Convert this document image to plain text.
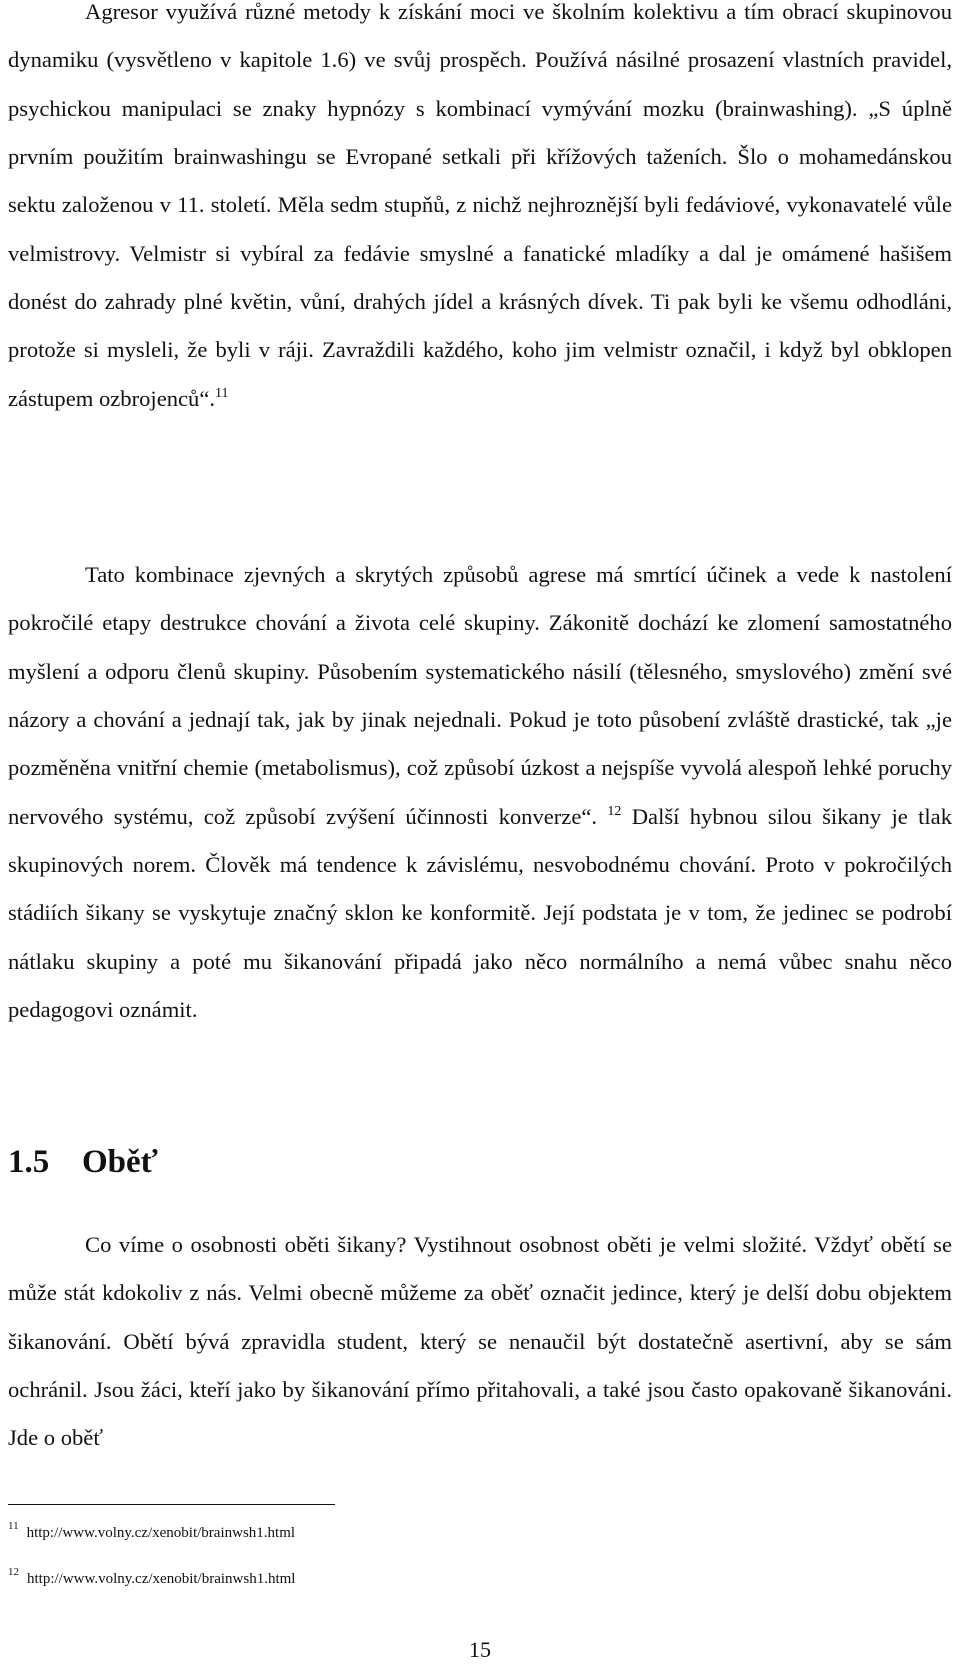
Agresor využívá různé metody k získání moci ve školním kolektivu a tím obrací skupinovou dynamiku (vysvětleno v kapitole 1.6) ve svůj prospěch. Používá násilné prosazení vlastních pravidel, psychickou manipulaci se znaky hypnózy s kombinací vymývání mozku (brainwashing). „S úplně prvním použitím brainwashingu se Evropané setkali při křížových taženích. Šlo o mohamedánskou sektu založenou v 11. století. Měla sedm stupňů, z nichž nejhroznější byli fedáviové, vykonavatelé vůle velmistrovy. Velmistr si vybíral za fedávie smyslné a fanatické mladíky a dal je omámené hašišem donést do zahrady plné květin, vůní, drahých jídel a krásných dívek. Ti pak byli ke všemu odhodláni, protože si mysleli, že byli v ráji. Zavraždili každého, koho jim velmistr označil, i když byl obklopen zástupem ozbrojenců“.$^{11}$

Tato kombinace zjevných a skrytých způsobů agrese má smrtící účinek a vede k nastolení pokročilé etapy destrukce chování a života celé skupiny. Zákonitě dochází ke zlomení samostatného myšlení a odporu členů skupiny. Působením systematického násilí (tělesného, smyslového) změní své názory a chování a jednají tak, jak by jinak nejednali. Pokud je toto působení zvláště drastické, tak „je pozměněna vnitřní chemie (metabolismus), což způsobí úzkost a nejspíše vyvolá alespoň lehké poruchy nervového systému, což způsobí zvýšení účinnosti konverze“. $^{12}$ Další hybnou silou šikany je tlak skupinových norem. Člověk má tendence k závislému, nesvobodnému chování. Proto v pokročilých stádiích šikany se vyskytuje značný sklon ke konformitě. Její podstata je v tom, že jedinec se podrobí nátlaku skupiny a poté mu šikanování připadá jako něco normálního a nemá vůbec snahu něco pedagogovi oznámit.

1.5 Oběť

Co víme o osobnosti oběti šikany? Vystihnout osobnost oběti je velmi složité. Vždyť obětí se může stát kdokoliv z nás. Velmi obecně můžeme za oběť označit jedince, který je delší dobu objektem šikanování. Obětí bývá zpravidla student, který se nenaučil být dostatečně asertivní, aby se sám ochránil. Jsou žáci, kteří jako by šikanování přímo přitahovali, a také jsou často opakovaně šikanováni. Jde o oběť

$^{11}$ http://www.volny.cz/xenobit/brainwsh1.html
$^{12}$ http://www.volny.cz/xenobit/brainwsh1.html
15
